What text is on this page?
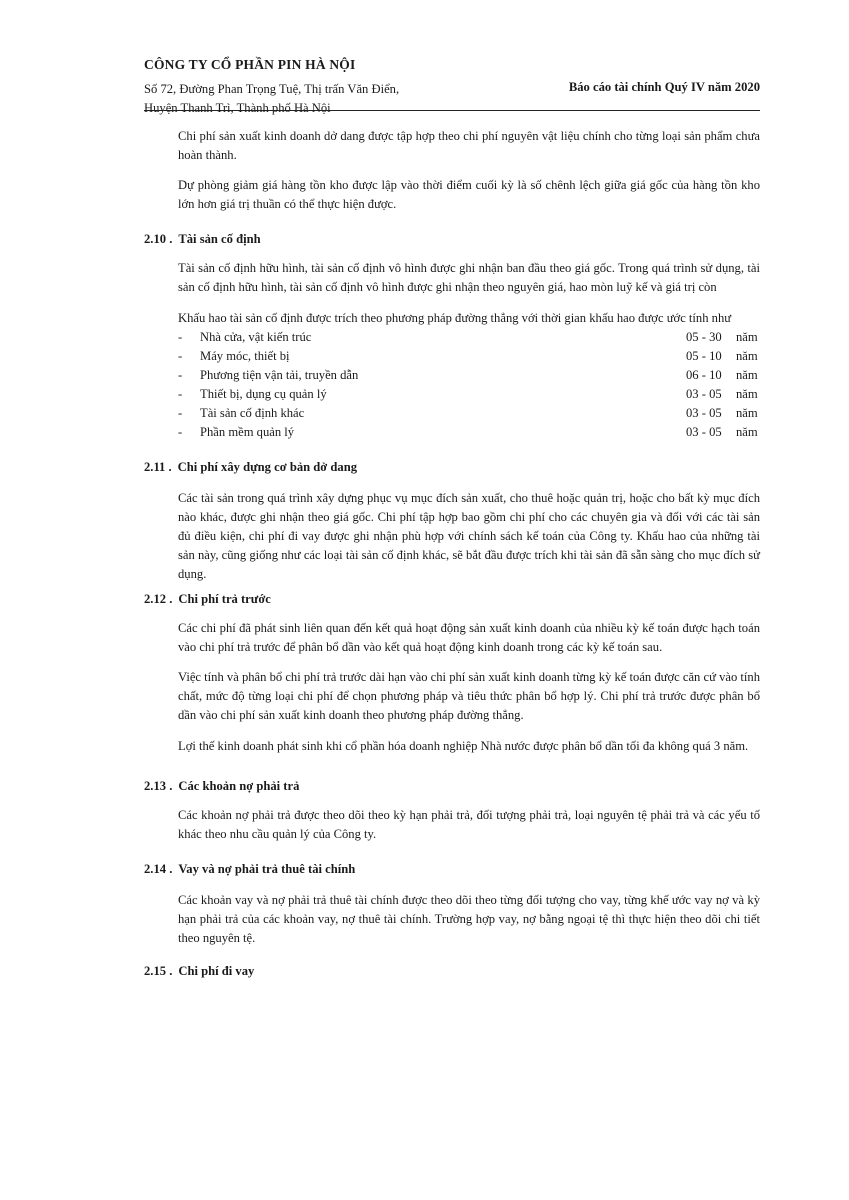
CÔNG TY CỔ PHẦN PIN HÀ NỘI
Số 72, Đường Phan Trọng Tuệ, Thị trấn Văn Điển,
Huyện Thanh Trì, Thành phố Hà Nội
Báo cáo tài chính Quý IV năm 2020
Chi phí sản xuất kinh doanh dở dang được tập hợp theo chi phí nguyên vật liệu chính cho từng loại sản phẩm chưa hoàn thành.
Dự phòng giảm giá hàng tồn kho được lập vào thời điểm cuối kỳ là số chênh lệch giữa giá gốc của hàng tồn kho lớn hơn giá trị thuần có thể thực hiện được.
2.10 . Tài sản cố định
Tài sản cố định hữu hình, tài sản cố định vô hình được ghi nhận ban đầu theo giá gốc. Trong quá trình sử dụng, tài sản cố định hữu hình, tài sản cố định vô hình được ghi nhận theo nguyên giá, hao mòn luỹ kế và giá trị còn
Khấu hao tài sản cố định được trích theo phương pháp đường thẳng với thời gian khấu hao được ước tính như
- Nhà cửa, vật kiến trúc	05 - 30 năm
- Máy móc, thiết bị	05 - 10 năm
- Phương tiện vận tải, truyền dẫn	06 - 10 năm
- Thiết bị, dụng cụ quản lý	03 - 05 năm
- Tài sản cố định khác	03 - 05 năm
- Phần mềm quản lý	03 - 05 năm
2.11 . Chi phí xây dựng cơ bản dở dang
Các tài sản trong quá trình xây dựng phục vụ mục đích sản xuất, cho thuê hoặc quản trị, hoặc cho bất kỳ mục đích nào khác, được ghi nhận theo giá gốc. Chi phí tập hợp bao gồm chi phí cho các chuyên gia và đối với các tài sản đủ điều kiện, chi phí đi vay được ghi nhận phù hợp với chính sách kế toán của Công ty. Khấu hao của những tài sản này, cũng giống như các loại tài sản cố định khác, sẽ bắt đầu được trích khi tài sản đã sẵn sàng cho mục đích sử dụng.
2.12 . Chi phí trả trước
Các chi phí đã phát sinh liên quan đến kết quả hoạt động sản xuất kinh doanh của nhiều kỳ kế toán được hạch toán vào chi phí trả trước để phân bổ dần vào kết quả hoạt động kinh doanh trong các kỳ kế toán sau.
Việc tính và phân bổ chi phí trả trước dài hạn vào chi phí sản xuất kinh doanh từng kỳ kế toán được căn cứ vào tính chất, mức độ từng loại chi phí để chọn phương pháp và tiêu thức phân bổ hợp lý. Chi phí trả trước được phân bổ dần vào chi phí sản xuất kinh doanh theo phương pháp đường thẳng.
Lợi thế kinh doanh phát sinh khi cổ phần hóa doanh nghiệp Nhà nước được phân bổ dần tối đa không quá 3 năm.
2.13 . Các khoản nợ phải trả
Các khoản nợ phải trả được theo dõi theo kỳ hạn phải trả, đối tượng phải trả, loại nguyên tệ phải trả và các yếu tố khác theo nhu cầu quản lý của Công ty.
2.14 . Vay và nợ phải trả thuê tài chính
Các khoản vay và nợ phải trả thuê tài chính được theo dõi theo từng đối tượng cho vay, từng khế ước vay nợ và kỳ hạn phải trả của các khoản vay, nợ thuê tài chính. Trường hợp vay, nợ bằng ngoại tệ thì thực hiện theo dõi chi tiết theo nguyên tệ.
2.15 . Chi phí đi vay
